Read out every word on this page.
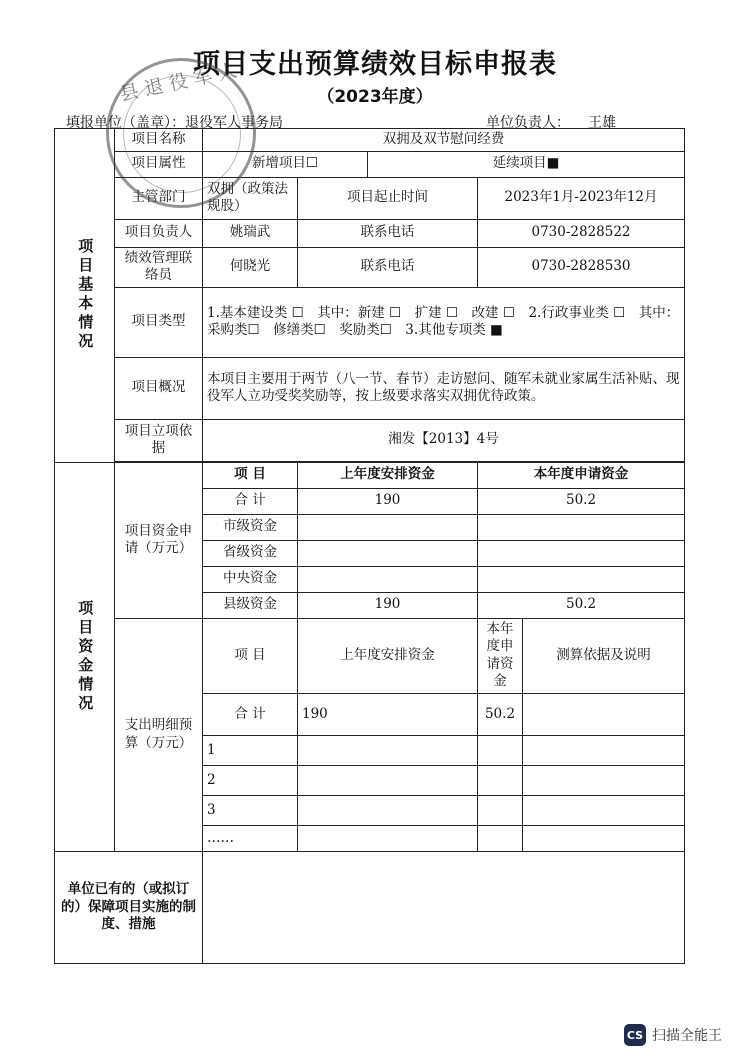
项目支出预算绩效目标申报表
（2023年度）
填报单位（盖章）：退役军人事务局	单位负责人： 王雄
项目基本情况	项目名称	双拥及双节慰问经费				
	项目属性	新增项目☐		延续项目■		
	主管部门	双拥（政策法规股）	项目起止时间		2023年1月-2023年12月	
	项目负责人	姚瑞武	联系电话		0730-2828522	
	绩效管理联络员	何晓光	联系电话		0730-2828530	
	项目类型	1.基本建设类 ☐　其中：新建 ☐　扩建 ☐　改建 ☐　2.行政事业类 ☐　其中：采购类☐　修缮类☐　奖励类☐　3.其他专项类 ■				
	项目概况	本项目主要用于两节（八一节、春节）走访慰问、随军未就业家属生活补贴、现役军人立功受奖奖励等，按上级要求落实双拥优待政策。				
	项目立项依据	湘发【2013】4号				

项目资金情况	项目资金申请（万元）	项 目	上年度安排资金		本年度申请资金	
		合 计	190		50.2	
		市级资金				
		省级资金				
		中央资金				
		县级资金	190		50.2	
	支出明细预算（万元）	项 目	上年度安排资金		本年度申请资金	测算依据及说明
		合 计	190		50.2	
		1				
		2				
		3				
		……				
单位已有的（或拟订的）保障项目实施的制度、措施						
县退役军人
CS 扫描全能王
